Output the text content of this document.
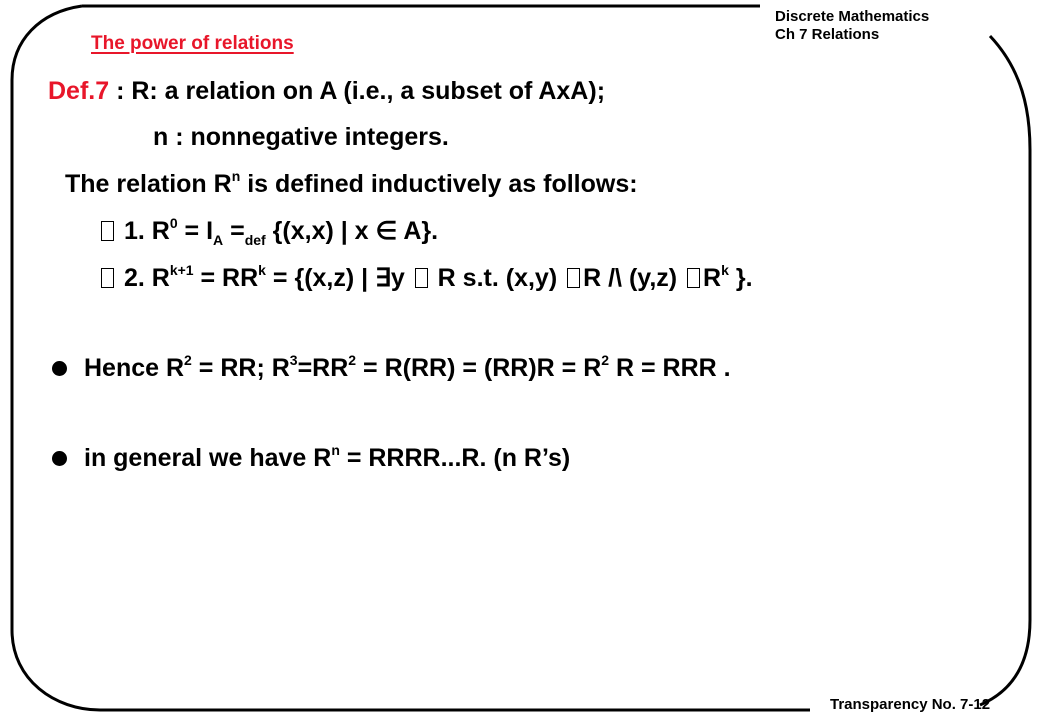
Discrete Mathematics
Ch 7 Relations
The power of relations
Def.7 : R: a relation on A (i.e., a subset of AxA);
n : nonnegative integers.
The relation $R^n$ is defined inductively as follows:
1. $R^0 = I_A =_{def}$ {(x,x) | x ∈ A}.
2. $R^{k+1} = RR^k = \{(x,z)$ | ∃y  R s.t. (x,y) R /\ (y,z) $R^k$ }.
Hence $R^2$ = RR; $R^3=RR^2 = R(RR) = (RR)R = R^2$ R = RRR .
in general we have $R^n$ = RRRR...R. (n R’s)
Transparency No. 7-12
